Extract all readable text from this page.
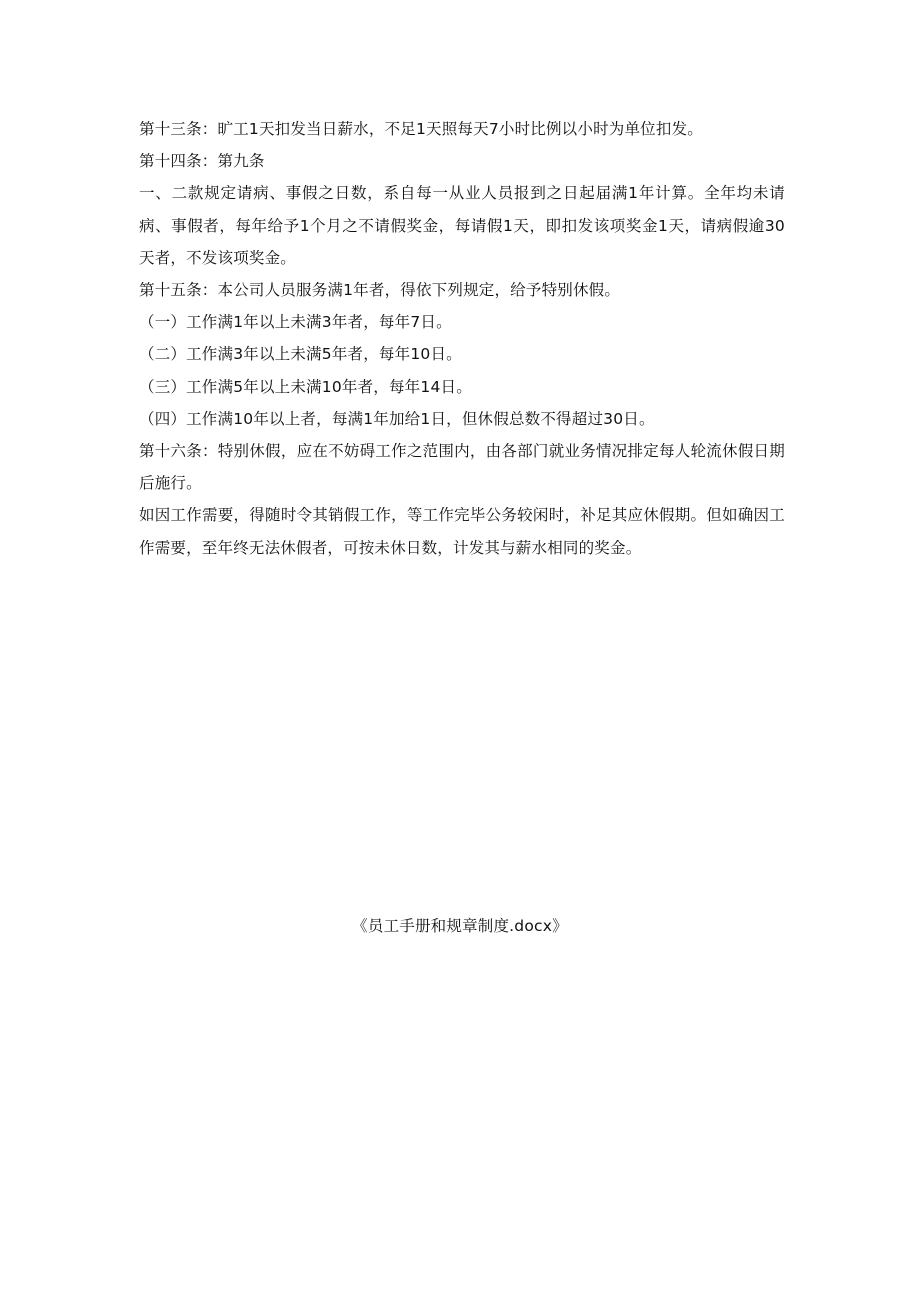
第十三条：旷工1天扣发当日薪水，不足1天照每天7小时比例以小时为单位扣发。

第十四条：第九条

一、二款规定请病、事假之日数，系自每一从业人员报到之日起届满1年计算。全年均未请病、事假者，每年给予1个月之不请假奖金，每请假1天，即扣发该项奖金1天，请病假逾30天者，不发该项奖金。

第十五条：本公司人员服务满1年者，得依下列规定，给予特别休假。

（一）工作满1年以上未满3年者，每年7日。

（二）工作满3年以上未满5年者，每年10日。

（三）工作满5年以上未满10年者，每年14日。

（四）工作满10年以上者，每满1年加给1日，但休假总数不得超过30日。

第十六条：特别休假，应在不妨碍工作之范围内，由各部门就业务情况排定每人轮流休假日期后施行。

如因工作需要，得随时令其销假工作，等工作完毕公务较闲时，补足其应休假期。但如确因工作需要，至年终无法休假者，可按未休日数，计发其与薪水相同的奖金。

《员工手册和规章制度.docx》
